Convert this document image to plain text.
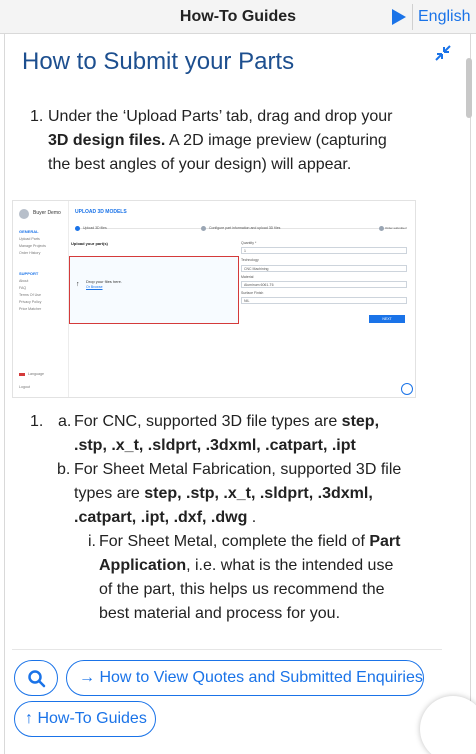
How-To Guides	English
How to Submit your Parts
1. Under the ‘Upload Parts’ tab, drag and drop your 3D design files. A 2D image preview (capturing the best angles of your design) will appear.
Buyer Demo
GENERAL
Upload Parts
Manage Projects
Order History
SUPPORT
About
FAQ
Terms Of Use
Privacy Policy
Price Matcher
Language
Logout
UPLOAD 3D MODELS
Upload 3D files	Configure part information and upload 3D files	Order submitted
Upload your part(s)
↑ Drop your files here.
Or Browse
Quantity *
1
Technology
CNC Machining
Material
Aluminum 6061-T6
Surface Finish
NIL
NEXT
1. a. For CNC, supported 3D file types are step, .stp, .x_t, .sldprt, .3dxml, .catpart, .ipt
b. For Sheet Metal Fabrication, supported 3D file types are step, .stp, .x_t, .sldprt, .3dxml, .catpart, .ipt, .dxf, .dwg .
i. For Sheet Metal, complete the field of Part Application, i.e. what is the intended use of the part, this helps us recommend the best material and process for you.
→ How to View Quotes and Submitted Enquiries
↑ How-To Guides
